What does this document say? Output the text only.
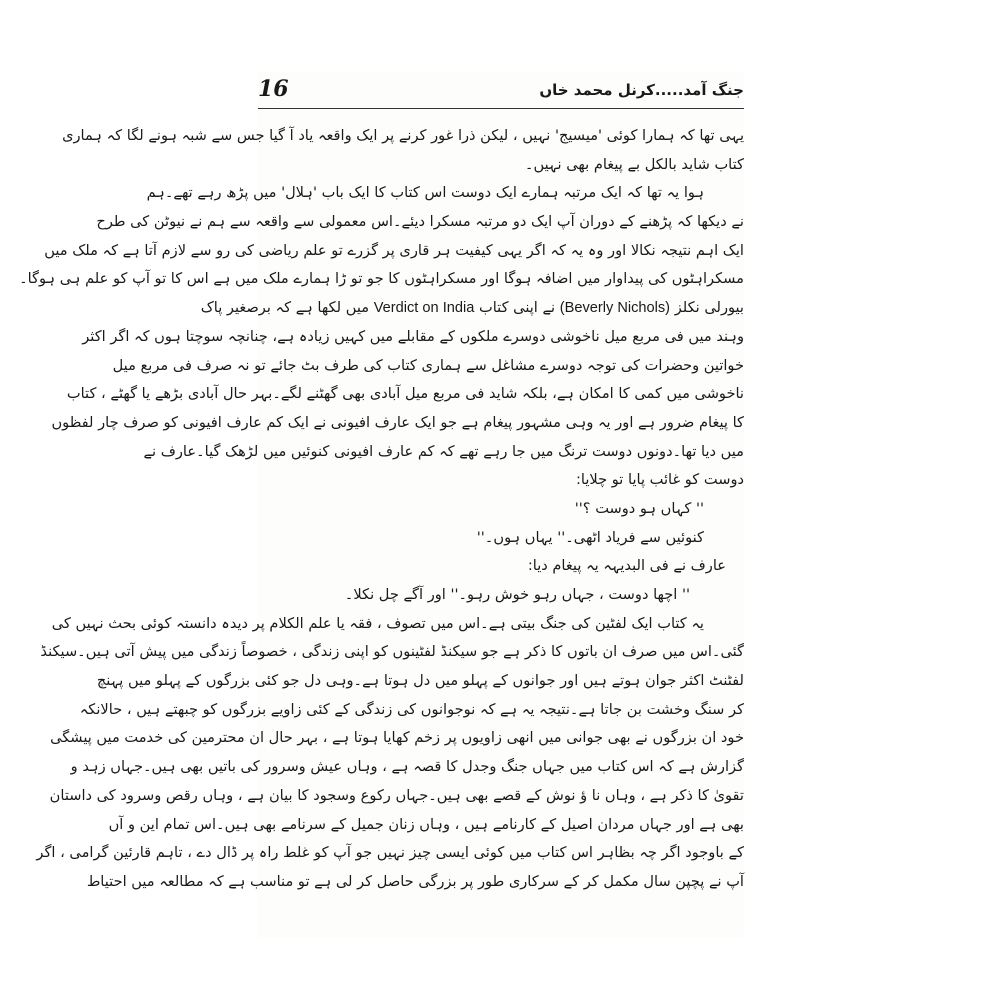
16	جنگ آمد.....کرنل محمد خاں
یہی تھا کہ ہمارا کوئی 'میسیج' نہیں ، لیکن ذرا غور کرنے پر ایک واقعہ یاد آ گیا جس سے شبہ ہونے لگا کہ ہماری
کتاب شاید بالکل بے پیغام بھی نہیں۔
ہوا یہ تھا کہ ایک مرتبہ ہمارے ایک دوست اس کتاب کا ایک باب 'ہلال' میں پڑھ رہے تھے۔ہم
نے دیکھا کہ پڑھنے کے دوران آپ ایک دو مرتبہ مسکرا دیئے۔اس معمولی سے واقعہ سے ہم نے نیوٹن کی طرح
ایک اہم نتیجہ نکالا اور وہ یہ کہ اگر یہی کیفیت ہر قاری پر گزرے تو علم ریاضی کی رو سے لازم آتا ہے کہ ملک میں
مسکراہٹوں کی پیداوار میں اضافہ ہوگا اور مسکراہٹوں کا جو تو ڑا ہمارے ملک میں ہے اس کا تو آپ کو علم ہی ہوگا۔
بیورلی نکلز (Beverly Nichols) نے اپنی کتاب Verdict on India میں لکھا ہے کہ برصغیر پاک
وہند میں فی مربع میل ناخوشی دوسرے ملکوں کے مقابلے میں کہیں زیادہ ہے، چنانچہ سوچتا ہوں کہ اگر اکثر
خواتین وحضرات کی توجہ دوسرے مشاغل سے ہماری کتاب کی طرف بٹ جائے تو نہ صرف فی مربع میل
ناخوشی میں کمی کا امکان ہے، بلکہ شاید فی مربع میل آبادی بھی گھٹنے لگے۔بہر حال آبادی بڑھے یا گھٹے ، کتاب
کا پیغام ضرور ہے اور یہ وہی مشہور پیغام ہے جو ایک عارف افیونی نے ایک کم عارف افیونی کو صرف چار لفظوں
میں دیا تھا۔دونوں دوست ترنگ میں جا رہے تھے کہ کم عارف افیونی کنوئیں میں لڑھک گیا۔عارف نے
دوست کو غائب پایا تو چلایا:
'' کہاں ہو دوست ؟''
کنوئیں سے فریاد اٹھی۔'' یہاں ہوں۔''
عارف نے فی البدیہہ یہ پیغام دیا:
'' اچھا دوست ، جہاں رہو خوش رہو۔'' اور آگے چل نکلا۔
یہ کتاب ایک لفٹین کی جنگ بیتی ہے۔اس میں تصوف ، فقہ یا علم الکلام پر دیدہ دانستہ کوئی بحث نہیں کی
گئی۔اس میں صرف ان باتوں کا ذکر ہے جو سیکنڈ لفٹینوں کو اپنی زندگی ، خصوصاً زندگی میں پیش آتی ہیں۔سیکنڈ
لفٹنٹ اکثر جوان ہوتے ہیں اور جوانوں کے پہلو میں دل ہوتا ہے۔وہی دل جو کئی بزرگوں کے پہلو میں پہنچ
کر سنگ وخشت بن جاتا ہے۔نتیجہ یہ ہے کہ نوجوانوں کی زندگی کے کئی زاویے بزرگوں کو چبھتے ہیں ، حالانکہ
خود ان بزرگوں نے بھی جوانی میں انھی زاویوں پر زخم کھایا ہوتا ہے ، بہر حال ان محترمین کی خدمت میں پیشگی
گزارش ہے کہ اس کتاب میں جہاں جنگ وجدل کا قصہ ہے ، وہاں عیش وسرور کی باتیں بھی ہیں۔جہاں زہد و
تقویٰ کا ذکر ہے ، وہاں نا ؤ نوش کے قصے بھی ہیں۔جہاں رکوع وسجود کا بیان ہے ، وہاں رقص وسرود کی داستان
بھی ہے اور جہاں مردان اصیل کے کارنامے ہیں ، وہاں زنان جمیل کے سرنامے بھی ہیں۔اس تمام این و آں
کے باوجود اگر چہ بظاہر اس کتاب میں کوئی ایسی چیز نہیں جو آپ کو غلط راہ پر ڈال دے ، تاہم قارئین گرامی ، اگر
آپ نے پچپن سال مکمل کر کے سرکاری طور پر بزرگی حاصل کر لی ہے تو مناسب ہے کہ مطالعہ میں احتیاط
